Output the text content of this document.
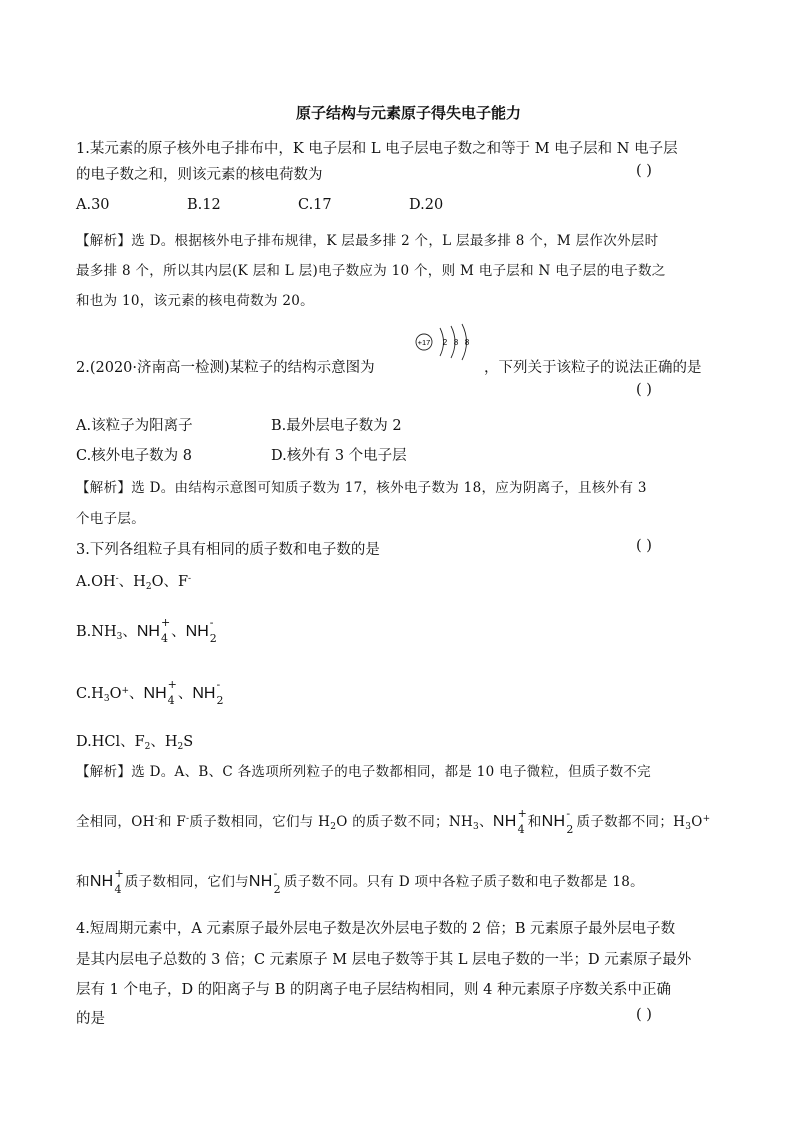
原子结构与元素原子得失电子能力
1.某元素的原子核外电子排布中，K 电子层和 L 电子层电子数之和等于 M 电子层和 N 电子层
的电子数之和，则该元素的核电荷数为	( )
A.30	B.12	C.17	D.20
【解析】选 D。根据核外电子排布规律，K 层最多排 2 个，L 层最多排 8 个，M 层作次外层时
最多排 8 个，所以其内层(K 层和 L 层)电子数应为 10 个，则 M 电子层和 N 电子层的电子数之
和也为 10，该元素的核电荷数为 20。
2.(2020·济南高一检测)某粒子的结构示意图为
+17 2 8 8
，下列关于该粒子的说法正确的是
( )
A.该粒子为阳离子	B.最外层电子数为 2
C.核外电子数为 8	D.核外有 3 个电子层
【解析】选 D。由结构示意图可知质子数为 17，核外电子数为 18，应为阴离子，且核外有 3
个电子层。
3.下列各组粒子具有相同的质子数和电子数的是	( )
A.OH-、$H_2O$、F-
$B.NH_3$、NH
+
4 、NH
-
2

$C.H_3O^+$、NH
+
4 、NH
-
2

D.HCl、$F_2$、$H_2S$
【解析】选 D。A、B、C 各选项所列粒子的电子数都相同，都是 10 电子微粒，但质子数不完
全相同，OH-和 F-质子数相同，它们与 $H_2O$ 的质子数不同；$NH_3$、NH +
4 和NH -
2 质子数都不同；$H_3O^+$
和NH +
4 质子数相同，它们与NH -
2 质子数不同。只有 D 项中各粒子质子数和电子数都是 18。
4.短周期元素中，A 元素原子最外层电子数是次外层电子数的 2 倍；B 元素原子最外层电子数
是其内层电子总数的 3 倍；C 元素原子 M 层电子数等于其 L 层电子数的一半；D 元素原子最外
层有 1 个电子，D 的阳离子与 B 的阴离子电子层结构相同，则 4 种元素原子序数关系中正确
的是	( )
